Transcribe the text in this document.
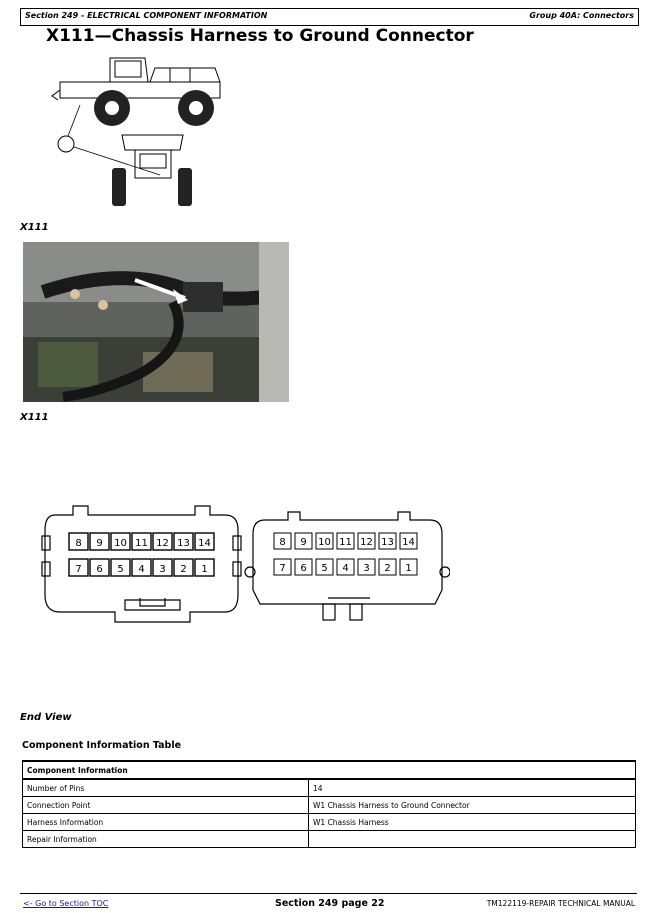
Section 249 - ELECTRICAL COMPONENT INFORMATION	Group 40A: Connectors
X111—Chassis Harness to Ground Connector
X111
X111
8 9 10 11 12 13 14
7 6 5 4 3 2 1
8 9 10 11 12 13 14
7 6 5 4 3 2 1
End View
Component Information Table
Component Information	
Number of Pins	14
Connection Point	W1 Chassis Harness to Ground Connector
Harness Information	W1 Chassis Harness
Repair Information	
<- Go to Section TOC	Section 249 page 22	TM122119-REPAIR TECHNICAL MANUAL
